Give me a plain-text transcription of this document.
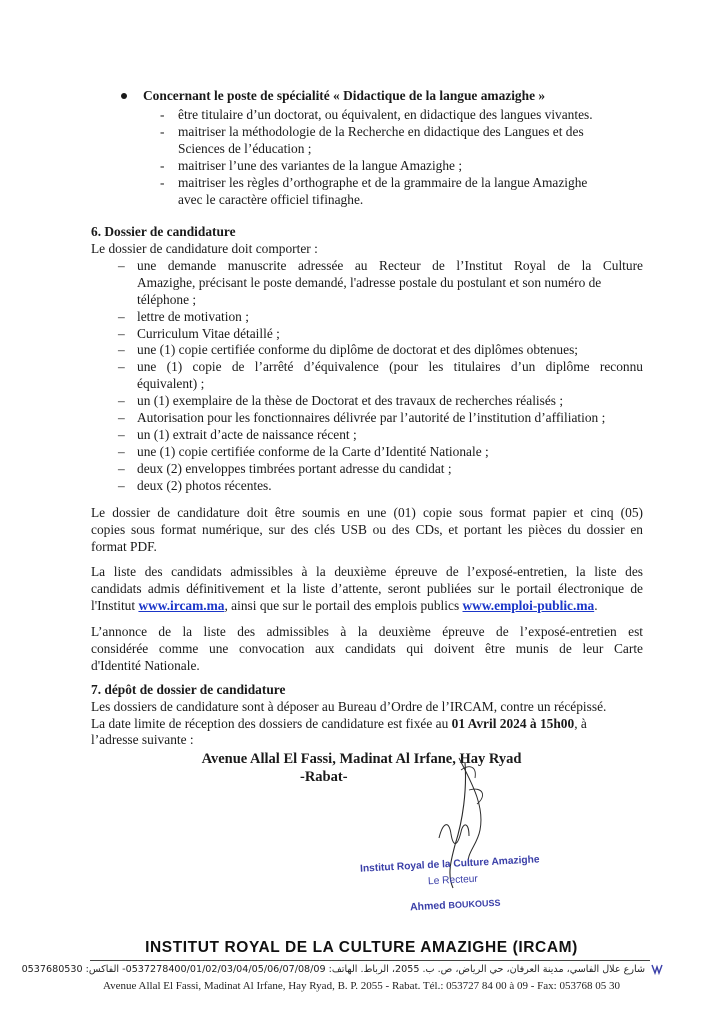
Concernant le poste de spécialité « Didactique de la langue amazighe »
- être titulaire d’un doctorat, ou équivalent, en didactique des langues vivantes.
- maitriser la méthodologie de la Recherche en didactique des Langues et des
Sciences de l’éducation ;
- maitriser l’une des variantes de la langue Amazighe ;
- maitriser les règles d’orthographe et de la grammaire de la langue Amazighe
avec le caractère officiel tifinaghe.
6. Dossier de candidature
Le dossier de candidature doit comporter :
– une demande manuscrite adressée au Recteur de l’Institut Royal de la Culture
Amazighe, précisant le poste demandé, l'adresse postale du postulant et son numéro de
téléphone ;
– lettre de motivation ;
– Curriculum Vitae détaillé ;
– une (1) copie certifiée conforme du diplôme de doctorat et des diplômes obtenues;
– une (1) copie de l’arrêté d’équivalence (pour les titulaires d’un diplôme reconnu
équivalent) ;
– un (1) exemplaire de la thèse de Doctorat et des travaux de recherches réalisés ;
– Autorisation pour les fonctionnaires délivrée par l’autorité de l’institution d’affiliation ;
– un (1) extrait d’acte de naissance récent ;
– une (1) copie certifiée conforme de la Carte d’Identité Nationale ;
– deux (2) enveloppes timbrées portant adresse du candidat ;
– deux (2) photos récentes.
Le dossier de candidature doit être soumis en une (01) copie sous format papier et cinq (05)
copies sous format numérique, sur des clés USB ou des CDs, et portant les pièces du dossier en
format PDF.
La liste des candidats admissibles à la deuxième épreuve de l’exposé-entretien, la liste des
candidats admis définitivement et la liste d’attente, seront publiées sur le portail électronique de
l'Institut www.ircam.ma, ainsi que sur le portail des emplois publics www.emploi-public.ma.
L’annonce de la liste des admissibles à la deuxième épreuve de l’exposé-entretien est
considérée comme une convocation aux candidats qui doivent être munis de leur Carte
d'Identité Nationale.
7. dépôt de dossier de candidature
Les dossiers de candidature sont à déposer au Bureau d’Ordre de l’IRCAM, contre un récépissé.
La date limite de réception des dossiers de candidature est fixée au 01 Avril 2024 à 15h00, à
l’adresse suivante :
Avenue Allal El Fassi, Madinat Al Irfane, Hay Ryad
-Rabat-
Institut Royal de la Culture Amazighe
Le Recteur
Ahmed BOUKOUSS
INSTITUT ROYAL DE LA CULTURE AMAZIGHE (IRCAM)
شارع علال الفاسي، مدينة العرفان، حي الرياض، ص. ب. 2055، الرباط. الهاتف: 0537278400/01/02/03/04/05/06/07/08/09- الفاكس: 0537680530
Avenue Allal El Fassi, Madinat Al Irfane, Hay Ryad, B. P. 2055 - Rabat. Tél.: 053727 84 00 à 09 - Fax: 053768 05 30
